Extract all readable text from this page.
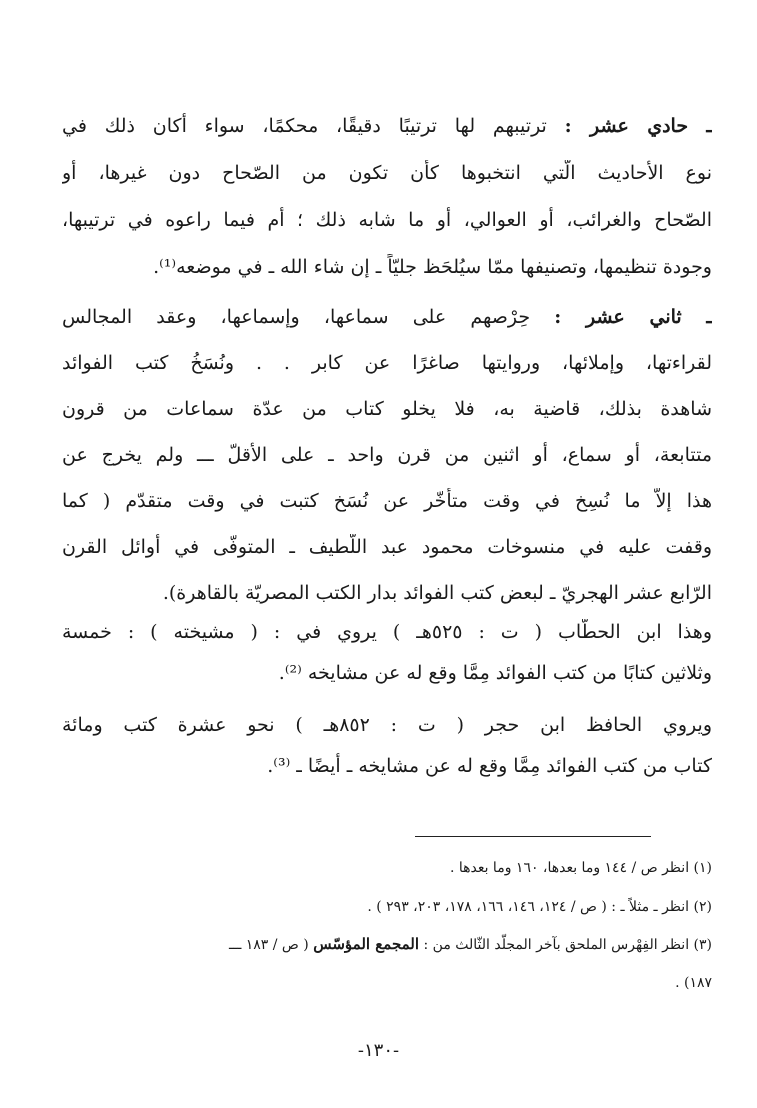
ـ حادي عشر : ترتيبهم لها ترتيبًا دقيقًا، محكمًا، سواء أكان ذلك في
نوع الأحاديث الّتي انتخبوها كأن تكون من الصّحاح دون غيرها، أو
الصّحاح والغرائب، أو العوالي، أو ما شابه ذلك ؛ أم فيما راعوه في ترتيبها،
وجودة تنظيمها، وتصنيفها ممّا سيُلحَظ جليّاً ـ إن شاء الله ـ في موضعه⁽¹⁾.
ـ ثاني عشر : حِرْصهم على سماعها، وإسماعها، وعقد المجالس
لقراءتها، وإملائها، وروايتها صاغرًا عن كابر . . ونُسَخُ كتب الفوائد
شاهدة بذلك، قاضية به، فلا يخلو كتاب من عدّة سماعات من قرون
متتابعة، أو سماع، أو اثنين من قرن واحد ـ على الأقلّ ـــ ولم يخرج عن
هذا إلاّ ما نُسِخ في وقت متأخّر عن نُسَخ كتبت في وقت متقدّم ( كما
وقفت عليه في منسوخات محمود عبد اللّطيف ـ المتوفّى في أوائل القرن
الرّابع عشر الهجريّ ـ لبعض كتب الفوائد بدار الكتب المصريّة بالقاهرة).
وهذا ابن الحطّاب ( ت : ٥٢٥هـ ) يروي في : ( مشيخته ) : خمسة
وثلاثين كتابًا من كتب الفوائد مِمَّا وقع له عن مشايخه ⁽²⁾.
ويروي الحافظ ابن حجر ( ت : ٨٥٢هـ ) نحو عشرة كتب ومائة
كتاب من كتب الفوائد مِمَّا وقع له عن مشايخه ـ أيضًا ـ ⁽³⁾.
(١) انظر ص / ١٤٤ وما بعدها، ١٦٠ وما بعدها .
(٢) انظر ـ مثلاً ـ : ( ص / ١٢٤، ١٤٦، ١٦٦، ١٧٨، ٢٠٣، ٢٩٣ ) .
(٣) انظر الفِهْرس الملحق بآخر المجلّد الثّالث من : المجمع المؤسّس ( ص / ١٨٣ ـــ
١٨٧) .
-١٣٠-
